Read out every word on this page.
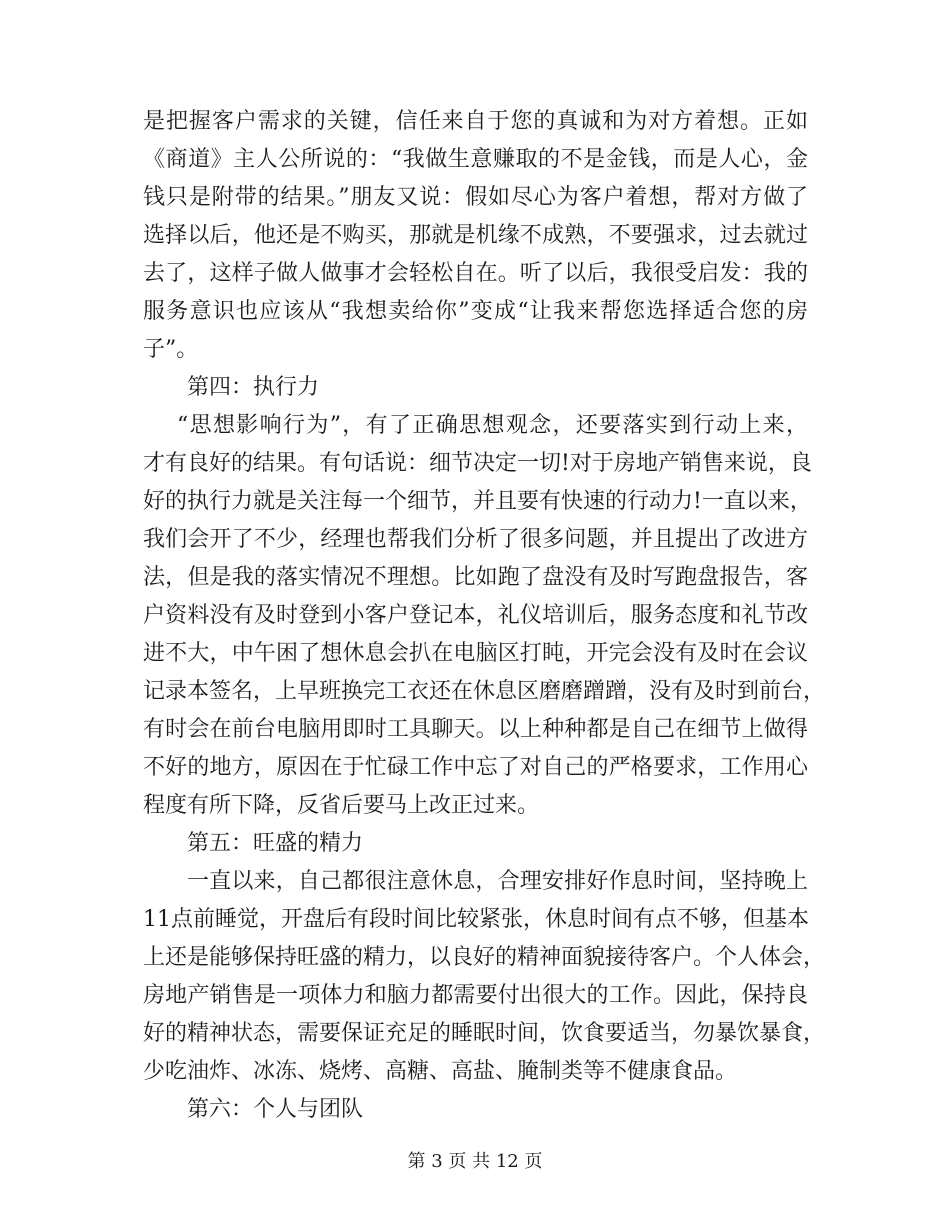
是把握客户需求的关键，信任来自于您的真诚和为对方着想。正如
《商道》主人公所说的：“我做生意赚取的不是金钱，而是人心，金
钱只是附带的结果。”朋友又说：假如尽心为客户着想，帮对方做了
选择以后，他还是不购买，那就是机缘不成熟，不要强求，过去就过
去了，这样子做人做事才会轻松自在。听了以后，我很受启发：我的
服务意识也应该从“我想卖给你”变成“让我来帮您选择适合您的房
子”。
第四：执行力
“思想影响行为”，有了正确思想观念，还要落实到行动上来，
才有良好的结果。有句话说：细节决定一切!对于房地产销售来说，良
好的执行力就是关注每一个细节，并且要有快速的行动力!一直以来，
我们会开了不少，经理也帮我们分析了很多问题，并且提出了改进方
法，但是我的落实情况不理想。比如跑了盘没有及时写跑盘报告，客
户资料没有及时登到小客户登记本，礼仪培训后，服务态度和礼节改
进不大，中午困了想休息会扒在电脑区打盹，开完会没有及时在会议
记录本签名，上早班换完工衣还在休息区磨磨蹭蹭，没有及时到前台，
有时会在前台电脑用即时工具聊天。以上种种都是自己在细节上做得
不好的地方，原因在于忙碌工作中忘了对自己的严格要求，工作用心
程度有所下降，反省后要马上改正过来。
第五：旺盛的精力
一直以来，自己都很注意休息，合理安排好作息时间，坚持晚上
11点前睡觉，开盘后有段时间比较紧张，休息时间有点不够，但基本
上还是能够保持旺盛的精力，以良好的精神面貌接待客户。个人体会，
房地产销售是一项体力和脑力都需要付出很大的工作。因此，保持良
好的精神状态，需要保证充足的睡眠时间，饮食要适当，勿暴饮暴食，
少吃油炸、冰冻、烧烤、高糖、高盐、腌制类等不健康食品。
第六：个人与团队
第 3 页 共 12 页
